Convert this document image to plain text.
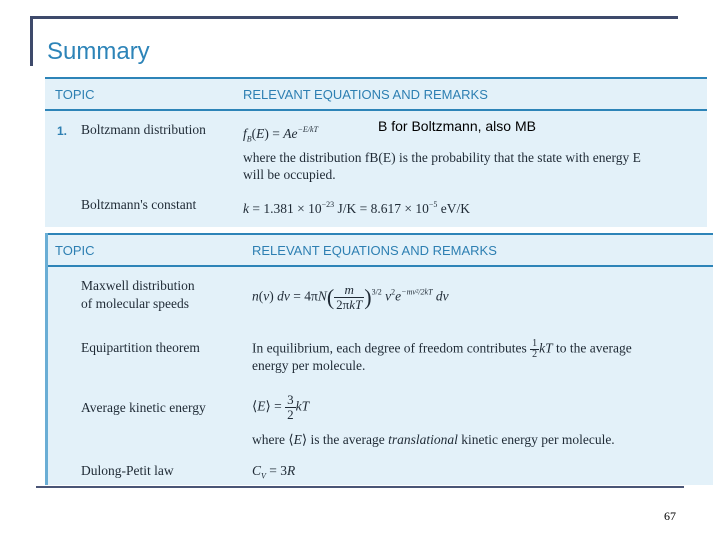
Summary
TOPIC	RELEVANT EQUATIONS AND REMARKS
1. Boltzmann distribution	$f_B(E) = Ae^{-E/kT}$
where the distribution fB(E) is the probability that the state with energy E
will be occupied.
Boltzmann's constant	$k = 1.381 \times 10^{-23}$ $J/K = 8.617 \times 10^{-5}$ eV/K
B for Boltzmann, also MB
TOPIC	RELEVANT EQUATIONS AND REMARKS
Maxwell distribution
of molecular speeds	n(v) dv = $4\pi N( \frac{m}{\text{2πkT}} )^{3/2}$ $v^2e^{-mv^2/2kT}$ dv
Equipartition theorem	In equilibrium, each degree of freedom contributes $\frac{1}{2}$ kT to the average
energy per molecule.
Average kinetic energy	⟨E⟩ = $\frac{3}{2}$ kT
where ⟨E⟩ is the average translational kinetic energy per molecule.
Dulong-Petit law	$C_V = 3R$
67
